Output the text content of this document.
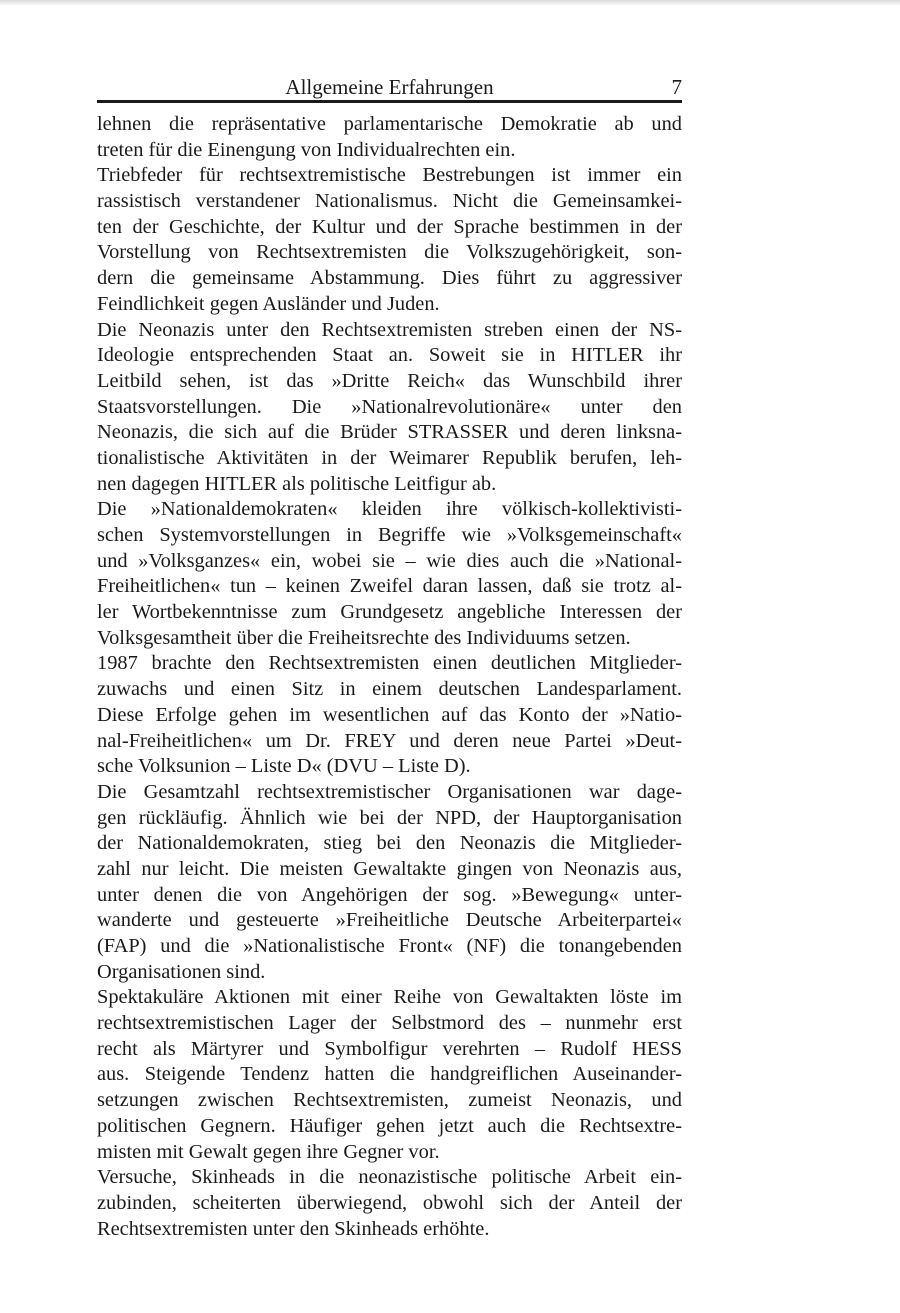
Allgemeine Erfahrungen	7
lehnen die repräsentative parlamentarische Demokratie ab und
treten für die Einengung von Individualrechten ein.
Triebfeder für rechtsextremistische Bestrebungen ist immer ein
rassistisch verstandener Nationalismus. Nicht die Gemeinsamkei-
ten der Geschichte, der Kultur und der Sprache bestimmen in der
Vorstellung von Rechtsextremisten die Volkszugehörigkeit, son-
dern die gemeinsame Abstammung. Dies führt zu aggressiver
Feindlichkeit gegen Ausländer und Juden.
Die Neonazis unter den Rechtsextremisten streben einen der NS-
Ideologie entsprechenden Staat an. Soweit sie in HITLER ihr
Leitbild sehen, ist das »Dritte Reich« das Wunschbild ihrer
Staatsvorstellungen. Die »Nationalrevolutionäre« unter den
Neonazis, die sich auf die Brüder STRASSER und deren linksna-
tionalistische Aktivitäten in der Weimarer Republik berufen, leh-
nen dagegen HITLER als politische Leitfigur ab.
Die »Nationaldemokraten« kleiden ihre völkisch-kollektivisti-
schen Systemvorstellungen in Begriffe wie »Volksgemeinschaft«
und »Volksganzes« ein, wobei sie – wie dies auch die »National-
Freiheitlichen« tun – keinen Zweifel daran lassen, daß sie trotz al-
ler Wortbekenntnisse zum Grundgesetz angebliche Interessen der
Volksgesamtheit über die Freiheitsrechte des Individuums setzen.
1987 brachte den Rechtsextremisten einen deutlichen Mitglieder-
zuwachs und einen Sitz in einem deutschen Landesparlament.
Diese Erfolge gehen im wesentlichen auf das Konto der »Natio-
nal-Freiheitlichen« um Dr. FREY und deren neue Partei »Deut-
sche Volksunion – Liste D« (DVU – Liste D).
Die Gesamtzahl rechtsextremistischer Organisationen war dage-
gen rückläufig. Ähnlich wie bei der NPD, der Hauptorganisation
der Nationaldemokraten, stieg bei den Neonazis die Mitglieder-
zahl nur leicht. Die meisten Gewaltakte gingen von Neonazis aus,
unter denen die von Angehörigen der sog. »Bewegung« unter-
wanderte und gesteuerte »Freiheitliche Deutsche Arbeiterpartei«
(FAP) und die »Nationalistische Front« (NF) die tonangebenden
Organisationen sind.
Spektakuläre Aktionen mit einer Reihe von Gewaltakten löste im
rechtsextremistischen Lager der Selbstmord des – nunmehr erst
recht als Märtyrer und Symbolfigur verehrten – Rudolf HESS
aus. Steigende Tendenz hatten die handgreiflichen Auseinander-
setzungen zwischen Rechtsextremisten, zumeist Neonazis, und
politischen Gegnern. Häufiger gehen jetzt auch die Rechtsextre-
misten mit Gewalt gegen ihre Gegner vor.
Versuche, Skinheads in die neonazistische politische Arbeit ein-
zubinden, scheiterten überwiegend, obwohl sich der Anteil der
Rechtsextremisten unter den Skinheads erhöhte.
